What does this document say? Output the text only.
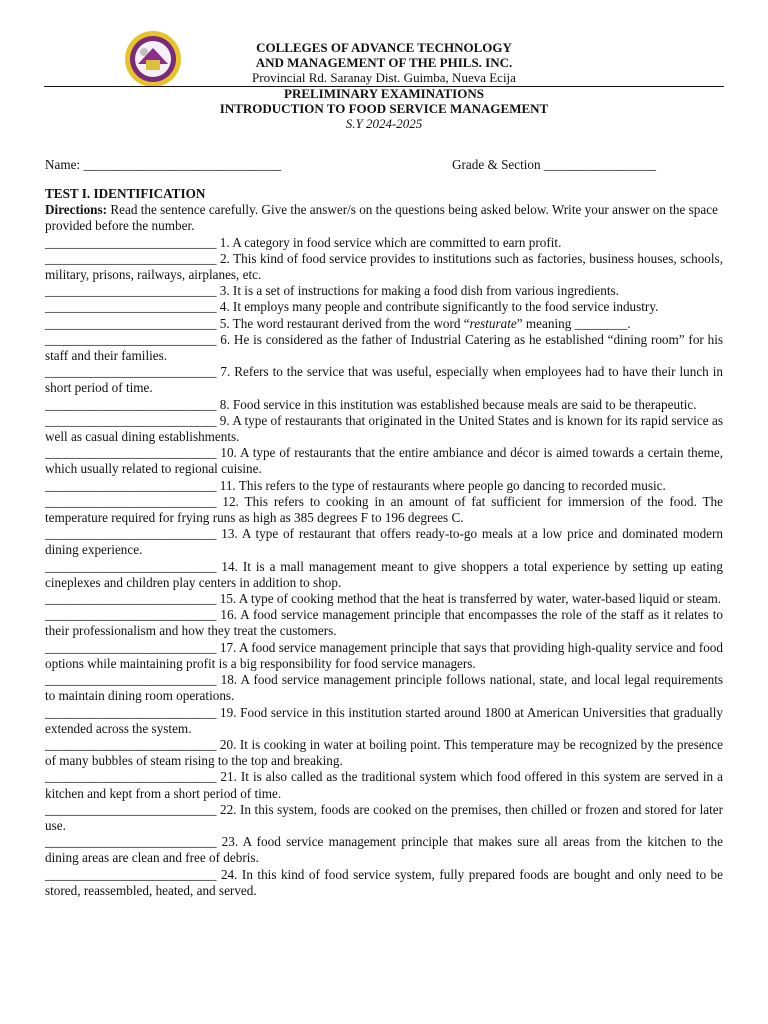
COLLEGES OF ADVANCE TECHNOLOGY
AND MANAGEMENT OF THE PHILS. INC.
Provincial Rd. Saranay Dist. Guimba, Nueva Ecija
PRELIMINARY EXAMINATIONS
INTRODUCTION TO FOOD SERVICE MANAGEMENT
S.Y 2024-2025
Name: ______________________________	Grade & Section _________________

TEST I. IDENTIFICATION

Directions: Read the sentence carefully. Give the answer/s on the questions being asked below. Write your answer on the space provided before the number.

__________________________ 1. A category in food service which are committed to earn profit.

__________________________ 2. This kind of food service provides to institutions such as factories, business houses, schools, military, prisons, railways, airplanes, etc.

__________________________ 3. It is a set of instructions for making a food dish from various ingredients.

__________________________ 4. It employs many people and contribute significantly to the food service industry.

__________________________ 5. The word restaurant derived from the word “resturate” meaning ________.

__________________________ 6. He is considered as the father of Industrial Catering as he established “dining room” for his staff and their families.

__________________________ 7. Refers to the service that was useful, especially when employees had to have their lunch in short period of time.

__________________________ 8. Food service in this institution was established because meals are said to be therapeutic.

__________________________ 9. A type of restaurants that originated in the United States and is known for its rapid service as well as casual dining establishments.

__________________________ 10. A type of restaurants that the entire ambiance and décor is aimed towards a certain theme, which usually related to regional cuisine.

__________________________ 11. This refers to the type of restaurants where people go dancing to recorded music.

__________________________ 12. This refers to cooking in an amount of fat sufficient for immersion of the food. The temperature required for frying runs as high as 385 degrees F to 196 degrees C.

__________________________ 13. A type of restaurant that offers ready-to-go meals at a low price and dominated modern dining experience.

__________________________ 14. It is a mall management meant to give shoppers a total experience by setting up eating cineplexes and children play centers in addition to shop.

__________________________ 15. A type of cooking method that the heat is transferred by water, water-based liquid or steam.

__________________________ 16. A food service management principle that encompasses the role of the staff as it relates to their professionalism and how they treat the customers.

__________________________ 17. A food service management principle that says that providing high-quality service and food options while maintaining profit is a big responsibility for food service managers.

__________________________ 18. A food service management principle follows national, state, and local legal requirements to maintain dining room operations.

__________________________ 19. Food service in this institution started around 1800 at American Universities that gradually extended across the system.

__________________________ 20. It is cooking in water at boiling point. This temperature may be recognized by the presence of many bubbles of steam rising to the top and breaking.

__________________________ 21. It is also called as the traditional system which food offered in this system are served in a kitchen and kept from a short period of time.

__________________________ 22. In this system, foods are cooked on the premises, then chilled or frozen and stored for later use.

__________________________ 23. A food service management principle that makes sure all areas from the kitchen to the dining areas are clean and free of debris.

__________________________ 24. In this kind of food service system, fully prepared foods are bought and only need to be stored, reassembled, heated, and served.
